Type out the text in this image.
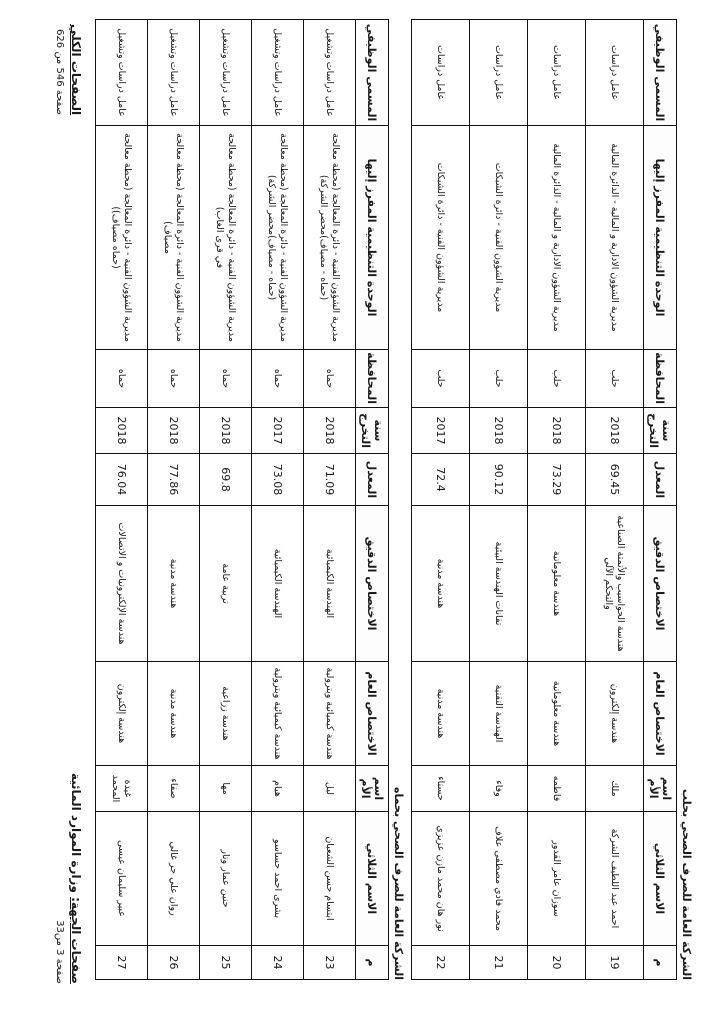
الشركة العامة للصرف الصحي بحلب
م	الاسم الثلاثي	اسم الأم	الاختصاص العام	الاختصاص الدقيق	المعدل	سنة التخرج	المحافظة	الوحدة التنظيمية المفرز إليها	المسمى الوظيفي
19	احمد عبد اللطيف الشركة	ملك	هندسة إلكترون	هندسة الحواسيب والأتمتة الصناعية والتحكم الآلي	69.45	2018	حلب	مديرية الشؤون الادارية و المالية - الدائرة المالية	عامل دراسات
20	سوزان عامر القدور	فاطمه	هندسة معلوماتية	هندسة معلوماتية	73.29	2018	حلب	مديرية الشؤون الادارية و المالية - الدائرة المالية	عامل دراسات
21	محمد فادي مصطفى علاف	وفاء	الهندسة التقنية	تقانات الهندسة البيئية	90.12	2018	حلب	مديرية الشؤون الفنية - دائرة الشبكات	عامل دراسات
22	نور هان محمد مازن عزيزي	حسناء	هندسة مدنية	هندسة مدنية	72.4	2017	حلب	مديرية الشؤون الفنية - دائرة الشبكات	عامل دراسات
الشركة العامة للصرف الصحي بحماه
م	الاسم الثلاثي	اسم الأم	الاختصاص العام	الاختصاص الدقيق	المعدل	سنة التخرج	المحافظة	الوحدة التنظيمية المفرز إليها	المسمى الوظيفي
23	ابتسام حسن الشعبان	ليل	هندسة كيميائية وبترولية	الهندسة الكيميائية	71.09	2018	حماه	مديرية الشؤون الفنية - دائرة المعالجة (محطة معالجة (حماه - مصياف)محضر الشركة)	عامل دراسات وتشغيل
24	بشرى احمد حساسو	هيام	هندسة كيميائية وبترولية	الهندسة الكيميائية	73.08	2017	حماه	مديرية الشؤون الفنية - دائرة المعالجة (محطة معالجة (حماه - مصياف)محضر الشركة)	عامل دراسات وتشغيل
25	حنين عمار وتار	مها	هندسة زراعية	تربية عامة	69.8	2018	حماه	مديرية الشؤون الفنية - دائرة المعالجة (محطة معالجة في قرى الغاب)	عامل دراسات وتشغيل
26	روان علي جر غالي	صفاء	هندسة مدنية	هندسة مدنية	77.86	2018	حماه	مديرية الشؤون الفنية - دائرة المعالجة (محطة معالجة مصياف)	عامل دراسات وتشغيل
27	عبير سليمان عيسى	غيدة المحمد	هندسة إلكترون	هندسة الإلكترونيات و الاتصالات	76.04	2018	حماه	مديرية الشؤون الفنية - دائرة المعالجة (محطة معالجة (حماه مصياف))	عامل دراسات وتشغيل
الصفحات الكلي
صفحة 546 من 626
صفحات الجهة: وزارة الموارد المائية
صفحة 3 من33
